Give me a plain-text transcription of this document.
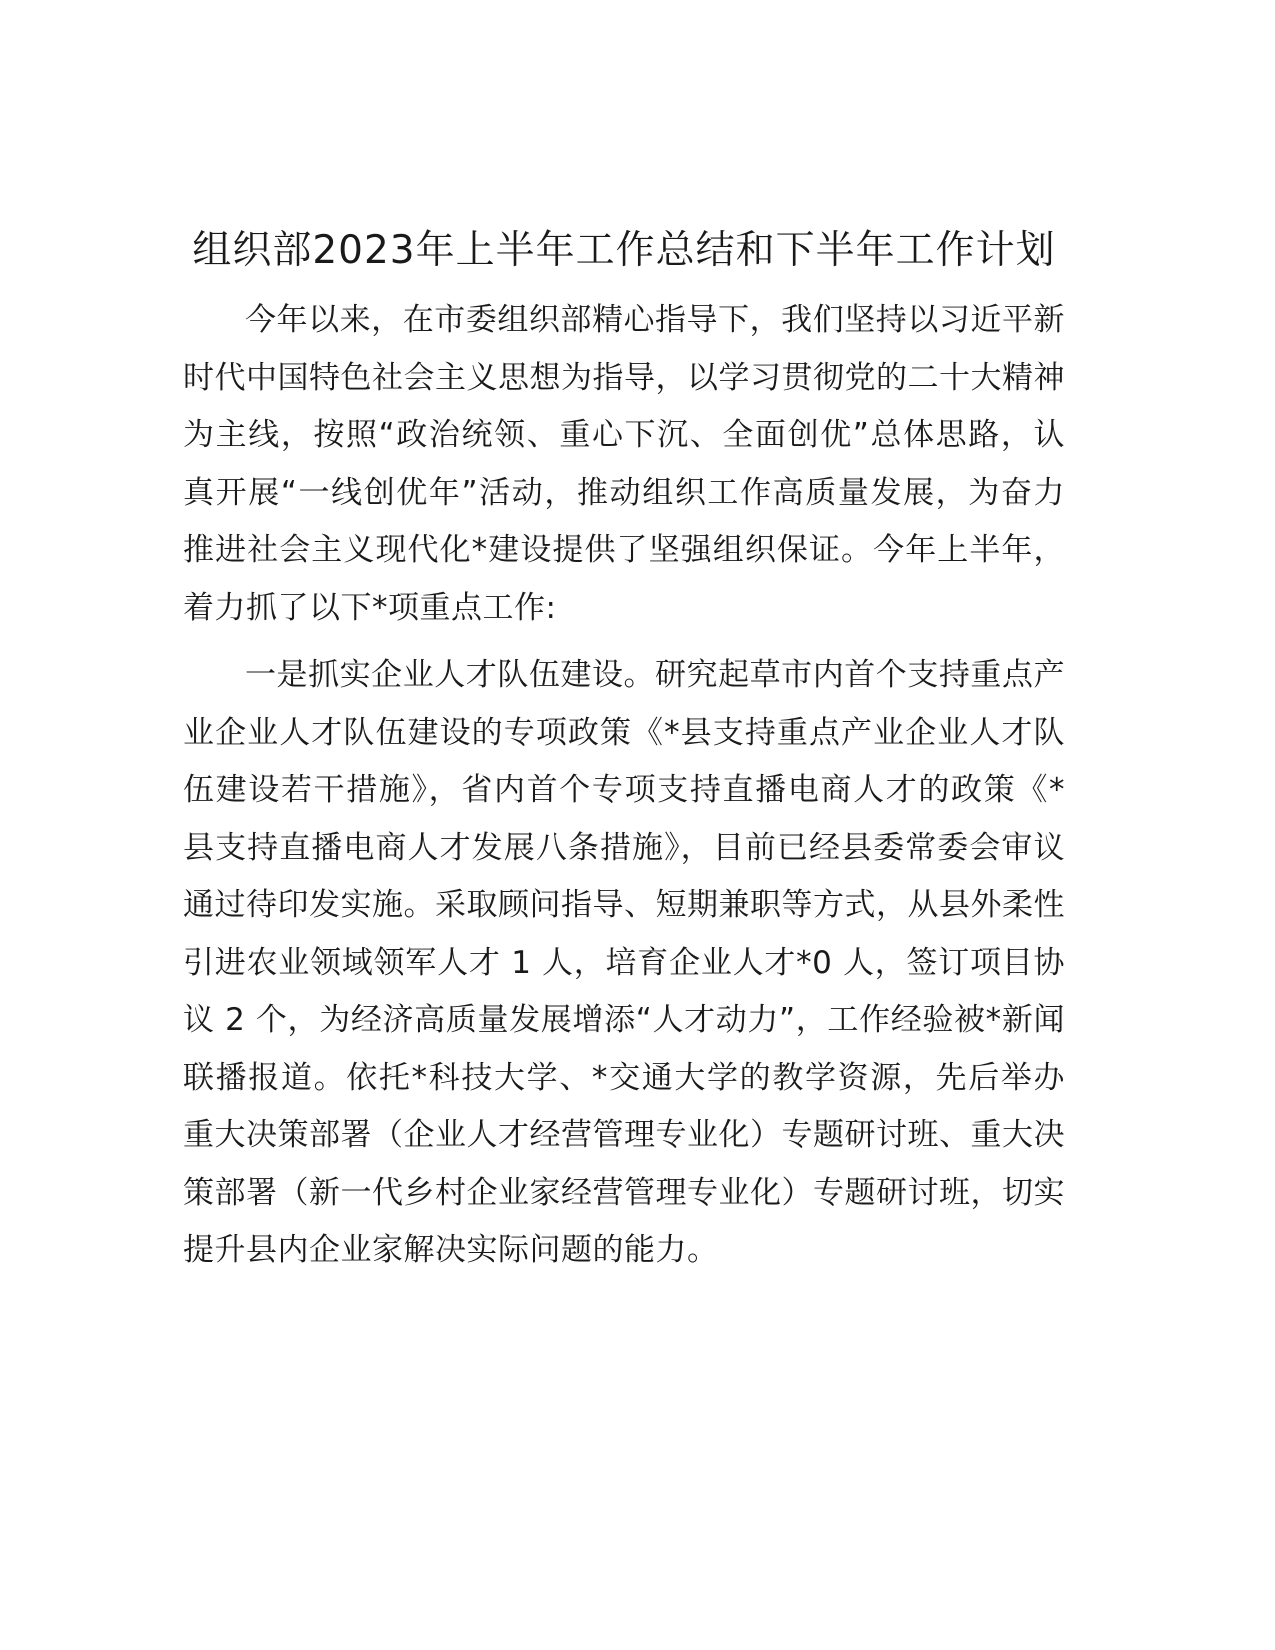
组织部2023年上半年工作总结和下半年工作计划

今年以来，在市委组织部精心指导下，我们坚持以习近平新时代中国特色社会主义思想为指导，以学习贯彻党的二十大精神为主线，按照“政治统领、重心下沉、全面创优”总体思路，认真开展“一线创优年”活动，推动组织工作高质量发展，为奋力推进社会主义现代化*建设提供了坚强组织保证。今年上半年，着力抓了以下*项重点工作:

一是抓实企业人才队伍建设。研究起草市内首个支持重点产业企业人才队伍建设的专项政策《*县支持重点产业企业人才队伍建设若干措施》，省内首个专项支持直播电商人才的政策《*县支持直播电商人才发展八条措施》，目前已经县委常委会审议通过待印发实施。采取顾问指导、短期兼职等方式，从县外柔性引进农业领域领军人才 1 人，培育企业人才*0 人，签订项目协议 2 个，为经济高质量发展增添“人才动力”，工作经验被*新闻联播报道。依托*科技大学、*交通大学的教学资源，先后举办重大决策部署（企业人才经营管理专业化）专题研讨班、重大决策部署（新一代乡村企业家经营管理专业化）专题研讨班，切实提升县内企业家解决实际问题的能力。
